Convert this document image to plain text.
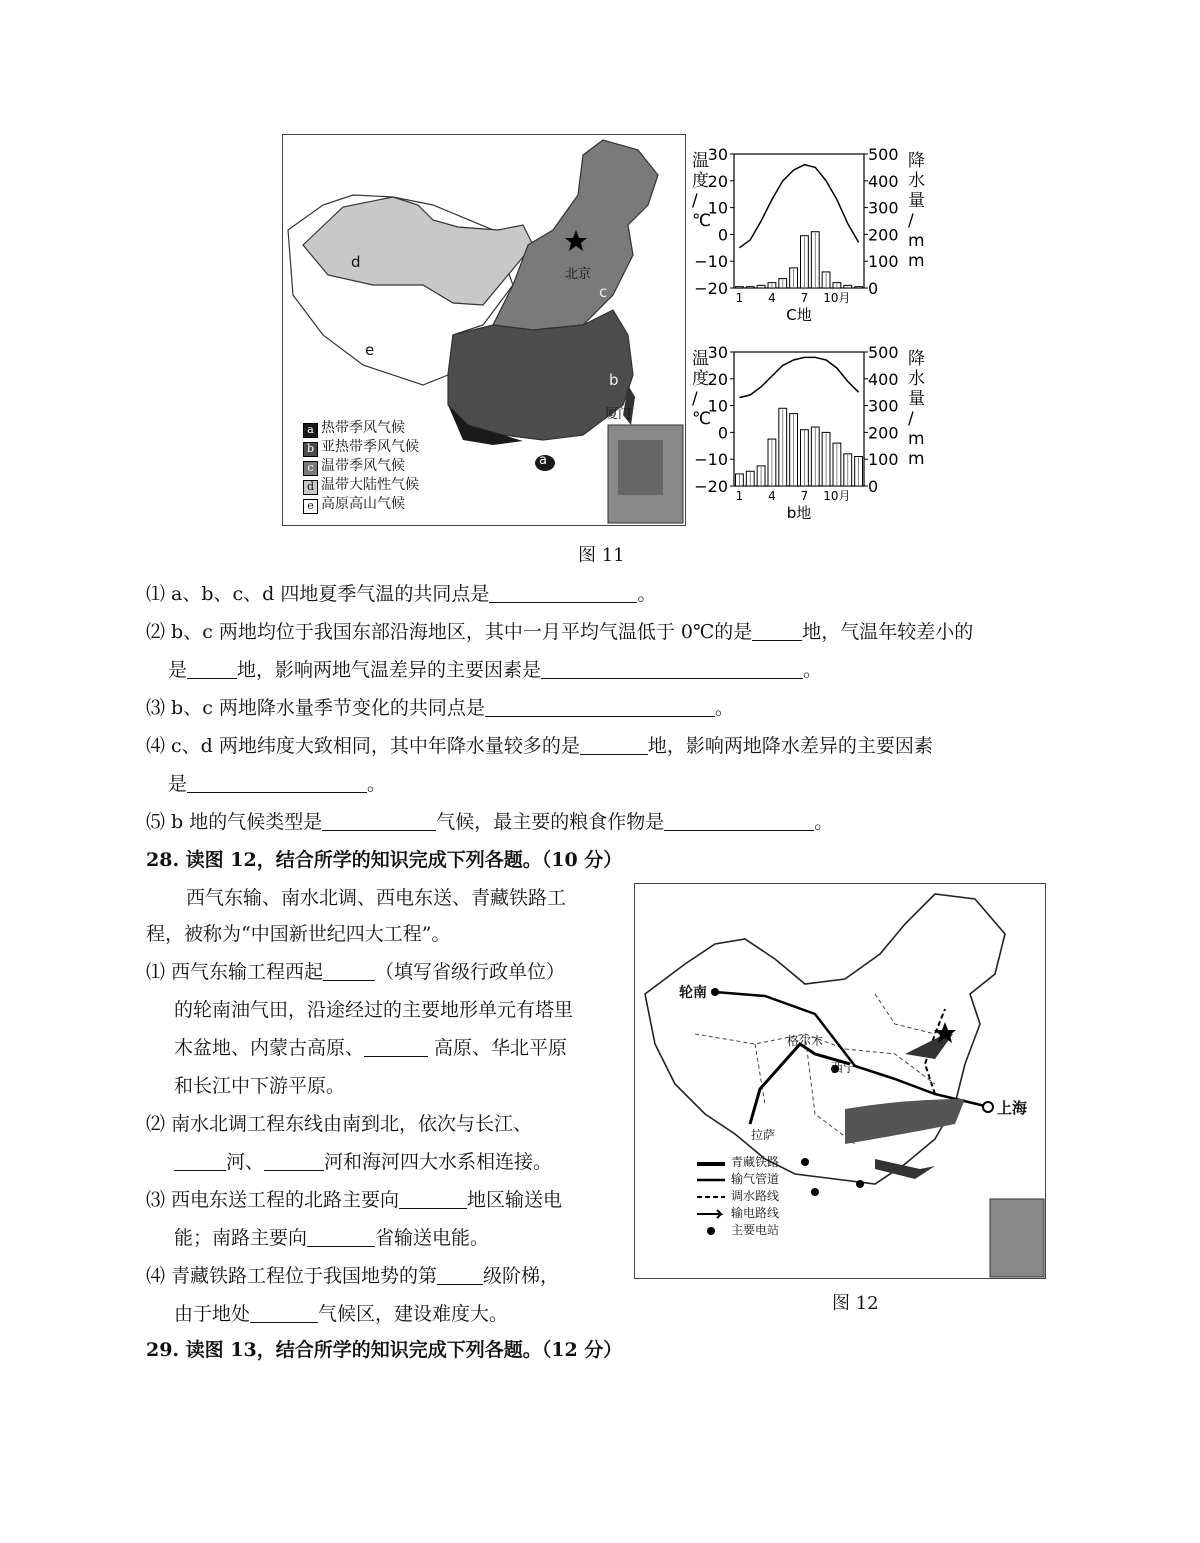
d
c
b
e
a
北京
厦门
a 热带季风气候
b 亚热带季风气候
c 温带季风气候
d 温带大陆性气候
e 高原高山气候
30
20
10
0
−10
−20
500
400
300
200
100
0
温
度
/
℃
降
水
量
/
m
m
1 4 7 10月
C地
30
20
10
0
−10
−20
500
400
300
200
100
0
温
度
/
℃
降
水
量
/
m
m
1 4 7 10月
b地
图 11
⑴ a、b、c、d 四地夏季气温的共同点是	。
⑵ b、c 两地均位于我国东部沿海地区，其中一月平均气温低于 0℃的是	地，气温年较差小的
是	地，影响两地气温差异的主要因素是	。
⑶ b、c 两地降水量季节变化的共同点是	。
⑷ c、d 两地纬度大致相同，其中年降水量较多的是	地，影响两地降水差异的主要因素
是	。
⑸ b 地的气候类型是	气候，最主要的粮食作物是	。
28. 读图 12，结合所学的知识完成下列各题。（10 分）
西气东输、南水北调、西电东送、青藏铁路工
程，被称为“中国新世纪四大工程”。
⑴ 西气东输工程西起	（填写省级行政单位）
的轮南油气田，沿途经过的主要地形单元有塔里
木盆地、内蒙古高原、	高原、华北平原
和长江中下游平原。
⑵ 南水北调工程东线由南到北，依次与长江、
河、	河和海河四大水系相连接。
⑶ 西电东送工程的北路主要向	地区输送电
能；南路主要向	省输送电能。
⑷ 青藏铁路工程位于我国地势的第 级阶梯，
由于地处	气候区，建设难度大。
轮南
格尔木
西宁
拉萨
上海
青藏铁路
输气管道
调水路线
输电路线
主要电站
图 12
29. 读图 13，结合所学的知识完成下列各题。（12 分）
